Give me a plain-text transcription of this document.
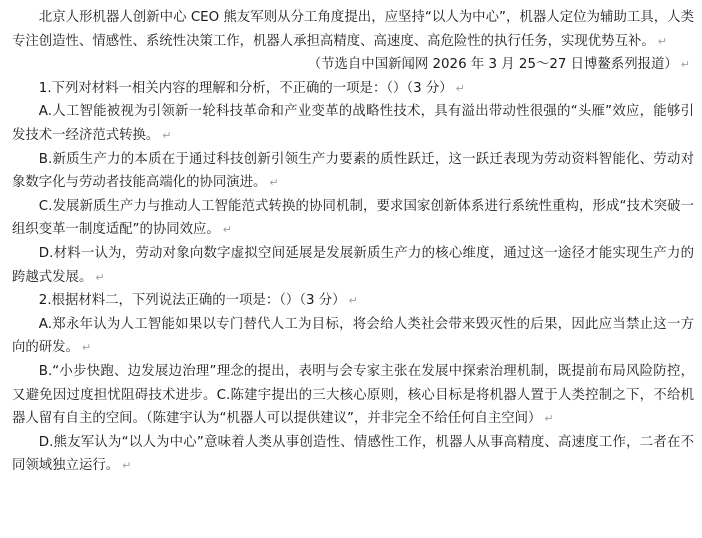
北京人形机器人创新中心 CEO 熊友军则从分工角度提出，应坚持“以人为中心”，机器人定位为辅助工具，人类专注创造性、情感性、系统性决策工作，机器人承担高精度、高速度、高危险性的执行任务，实现优势互补。 ↵

（节选自中国新闻网 2026 年 3 月 25～27 日博鳌系列报道） ↵

1.下列对材料一相关内容的理解和分析，不正确的一项是：（）（3 分） ↵

A.人工智能被视为引领新一轮科技革命和产业变革的战略性技术，具有溢出带动性很强的“头雁”效应，能够引发技术一经济范式转换。 ↵

B.新质生产力的本质在于通过科技创新引领生产力要素的质性跃迁，这一跃迁表现为劳动资料智能化、劳动对象数字化与劳动者技能高端化的协同演进。 ↵

C.发展新质生产力与推动人工智能范式转换的协同机制，要求国家创新体系进行系统性重构，形成“技术突破一组织变革一制度适配”的协同效应。 ↵

D.材料一认为，劳动对象向数字虚拟空间延展是发展新质生产力的核心维度，通过这一途径才能实现生产力的跨越式发展。 ↵

2.根据材料二，下列说法正确的一项是：（）（3 分） ↵

A.郑永年认为人工智能如果以专门替代人工为目标，将会给人类社会带来毁灭性的后果，因此应当禁止这一方向的研发。 ↵

B.“小步快跑、边发展边治理”理念的提出，表明与会专家主张在发展中探索治理机制，既提前布局风险防控，又避免因过度担忧阻碍技术进步。C.陈建宇提出的三大核心原则，核心目标是将机器人置于人类控制之下，不给机器人留有自主的空间。（陈建宇认为“机器人可以提供建议”，并非完全不给任何自主空间） ↵

D.熊友军认为“以人为中心”意味着人类从事创造性、情感性工作，机器人从事高精度、高速度工作，二者在不同领域独立运行。 ↵
